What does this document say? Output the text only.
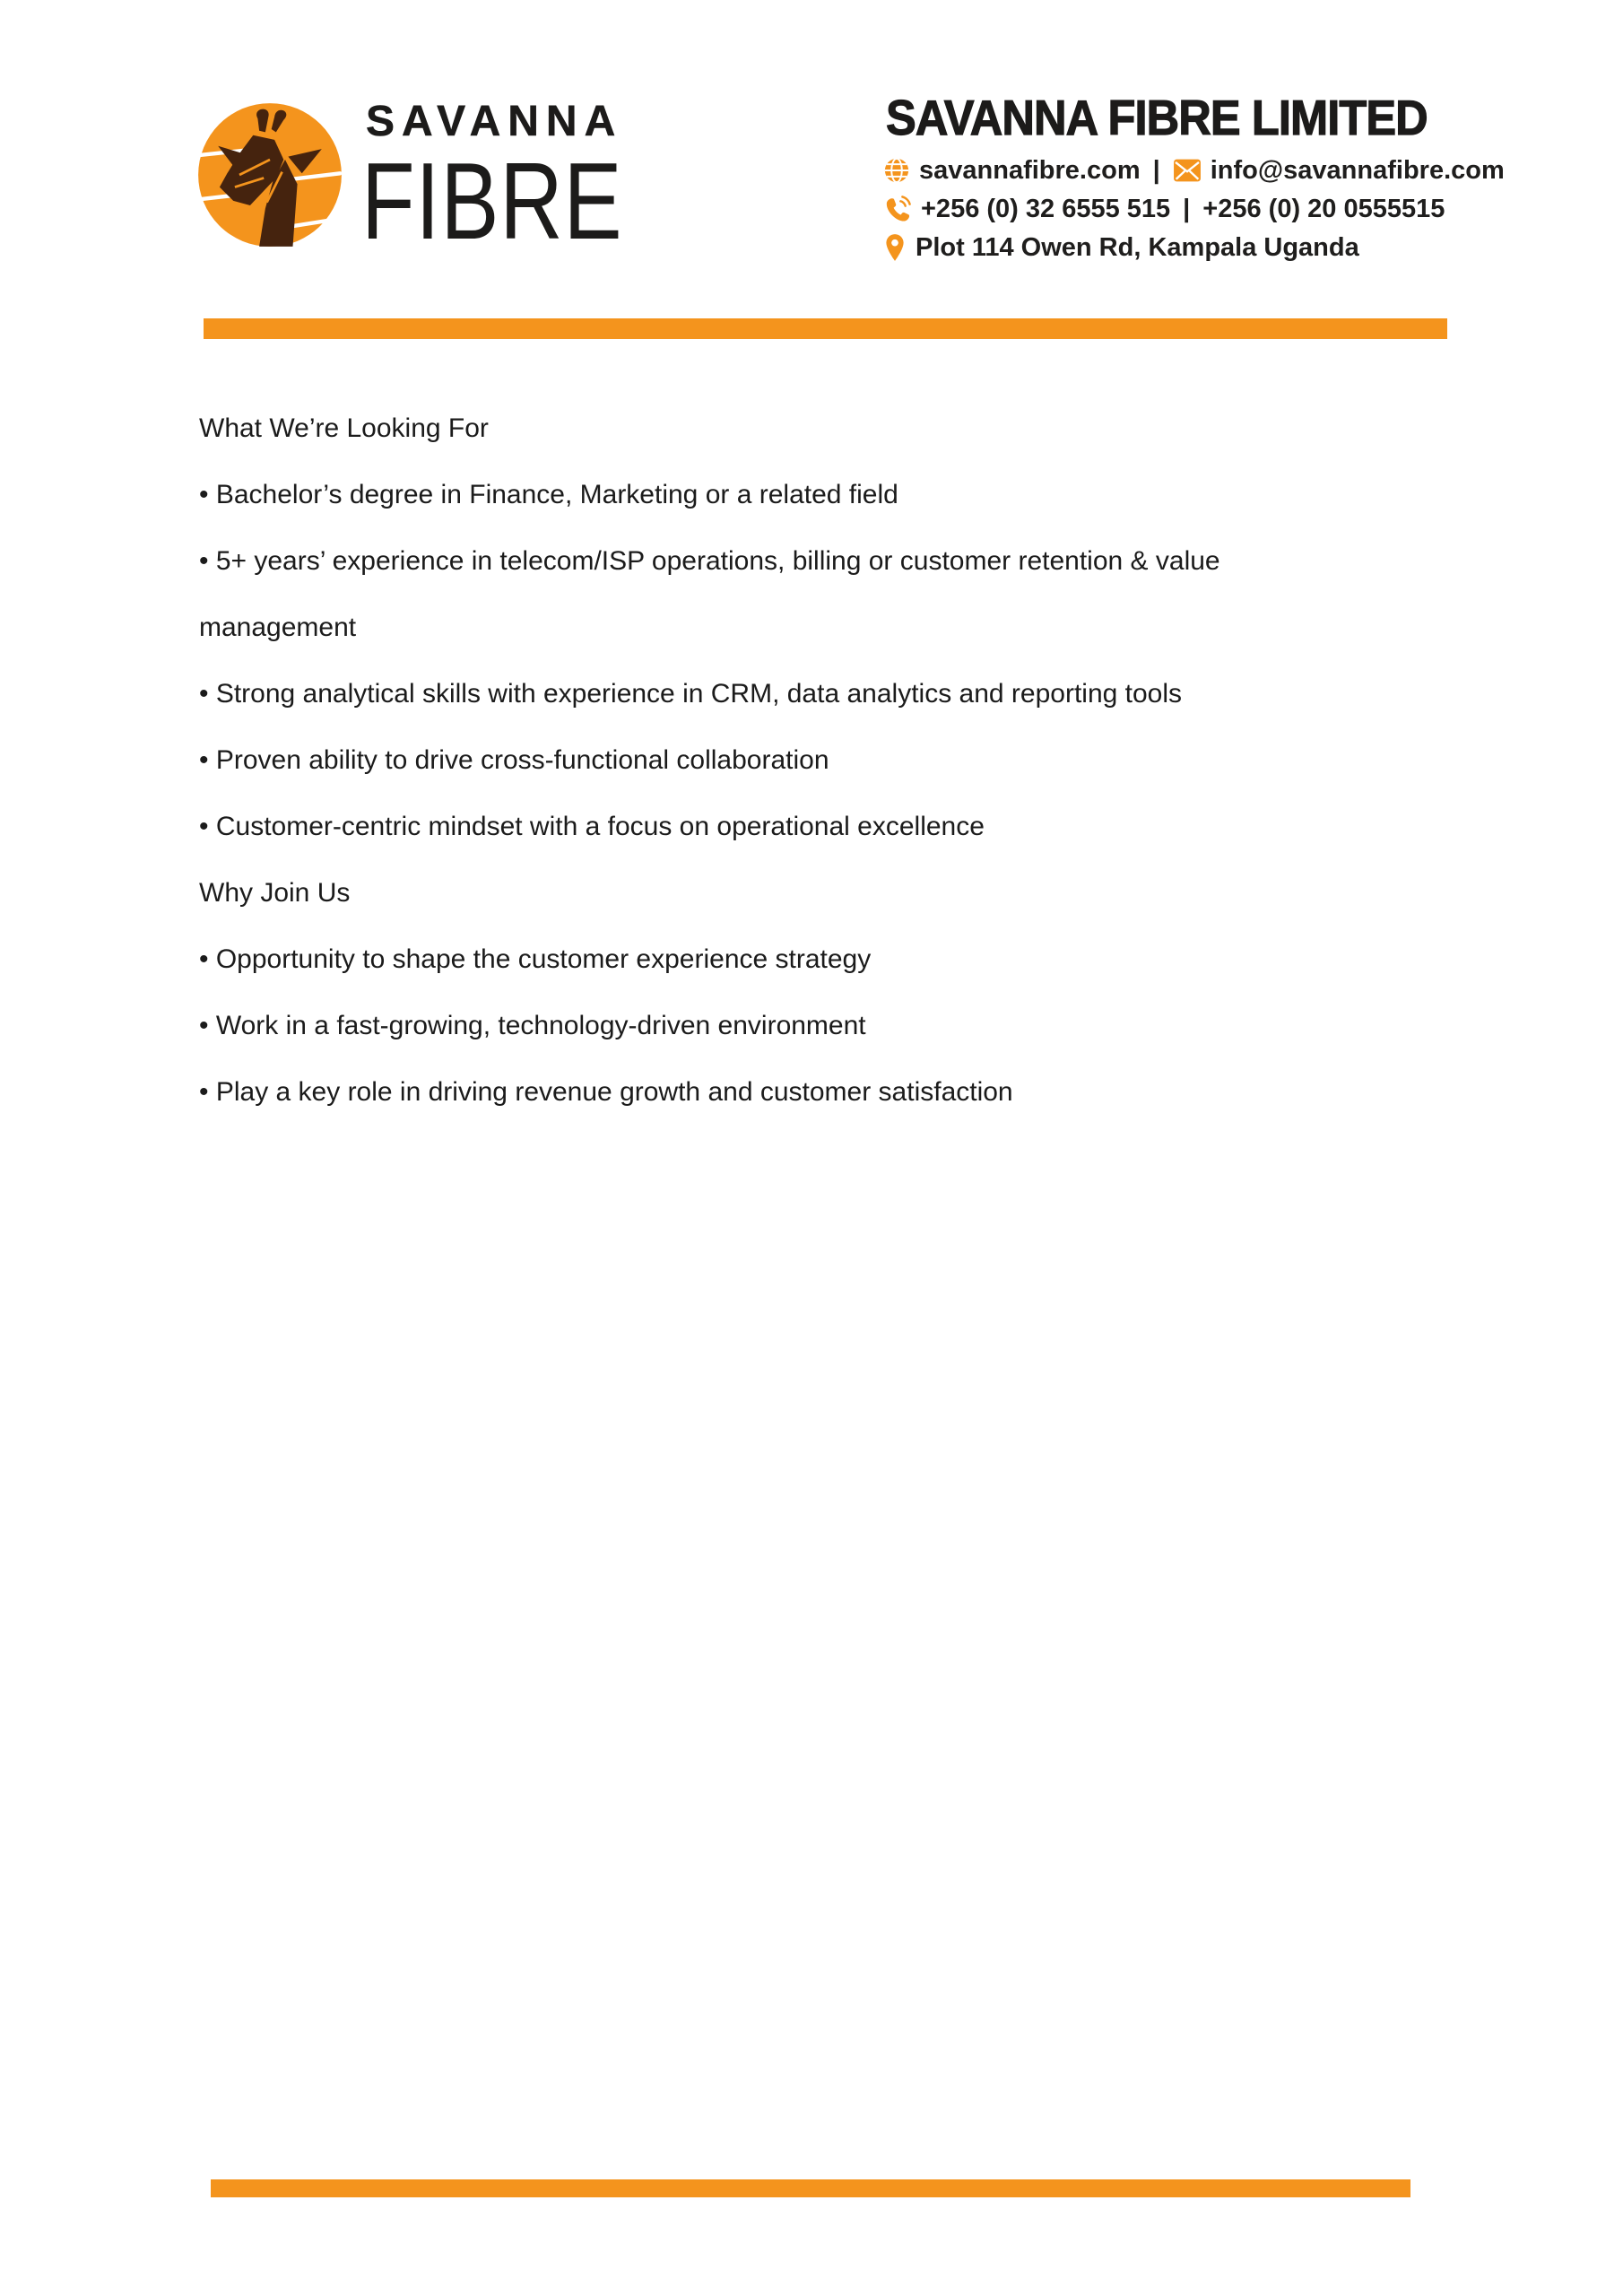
SAVANNA
FIBRE
SAVANNA FIBRE LIMITED
savannafibre.com | info@savannafibre.com
+256 (0) 32 6555 515 | +256 (0) 20 0555515
Plot 114 Owen Rd, Kampala Uganda
What We’re Looking For
• Bachelor’s degree in Finance, Marketing or a related field
• 5+ years’ experience in telecom/ISP operations, billing or customer retention & value
management
• Strong analytical skills with experience in CRM, data analytics and reporting tools
• Proven ability to drive cross-functional collaboration
• Customer-centric mindset with a focus on operational excellence
Why Join Us
• Opportunity to shape the customer experience strategy
• Work in a fast-growing, technology-driven environment
• Play a key role in driving revenue growth and customer satisfaction
